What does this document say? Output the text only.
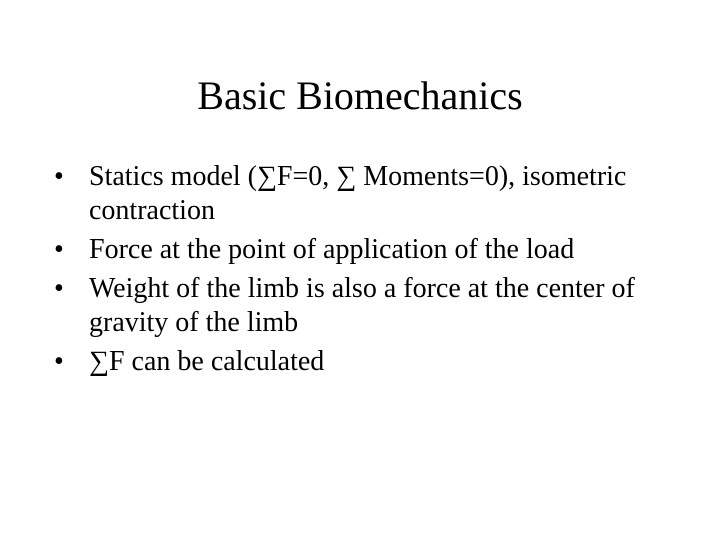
Basic Biomechanics
• Statics model (∑F=0, ∑ Moments=0), isometric contraction
• Force at the point of application of the load
• Weight of the limb is also a force at the center of gravity of the limb
• ∑F can be calculated
